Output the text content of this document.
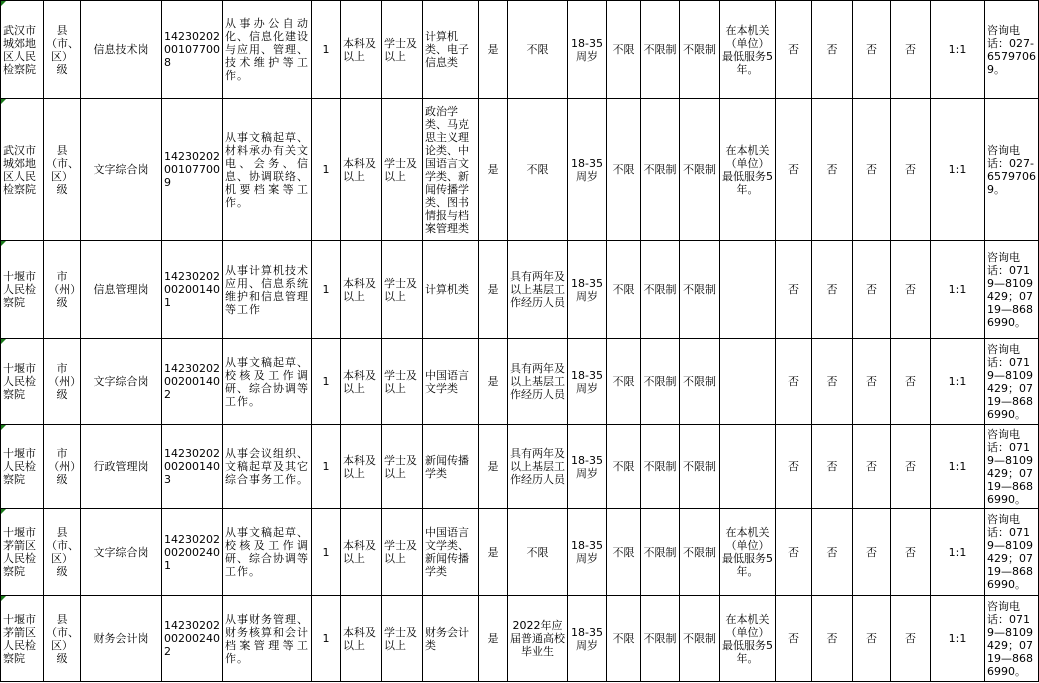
武汉市城郊地区人民检察院	县（市、区）级	信息技术岗	14230202001077008	从事办公自动化、信息化建设与应用、管理、技术维护等工作。	1	本科及以上	学士及以上	计算机类、电子信息类	是	不限	18-35周岁	不限	不限制	不限制	在本机关（单位）最低服务5年。	否	否	否	否	1:1	咨询电话：027-65797069。
武汉市城郊地区人民检察院	县（市、区）级	文字综合岗	14230202001077009	从事文稿起草、材料承办有关文电、会务、信息、协调联络、机要档案等工作。	1	本科及以上	学士及以上	政治学类、马克思主义理论类、中国语言文学类、新闻传播学类、图书情报与档案管理类	是	不限	18-35周岁	不限	不限制	不限制	在本机关（单位）最低服务5年。	否	否	否	否	1:1	咨询电话：027-65797069。
十堰市人民检察院	市（州）级	信息管理岗	14230202002001401	从事计算机技术应用、信息系统维护和信息管理等工作	1	本科及以上	学士及以上	计算机类	是	具有两年及以上基层工作经历人员	18-35周岁	不限	不限制	不限制		否	否	否	否	1:1	咨询电话：0719—8109429；0719—8686990。
十堰市人民检察院	市（州）级	文字综合岗	14230202002001402	从事文稿起草、校核及工作调研、综合协调等工作。	1	本科及以上	学士及以上	中国语言文学类	是	具有两年及以上基层工作经历人员	18-35周岁	不限	不限制	不限制		否	否	否	否	1:1	咨询电话：0719—8109429；0719—8686990。
十堰市人民检察院	市（州）级	行政管理岗	14230202002001403	从事会议组织、文稿起草及其它综合事务工作。	1	本科及以上	学士及以上	新闻传播学类	是	具有两年及以上基层工作经历人员	18-35周岁	不限	不限制	不限制		否	否	否	否	1:1	咨询电话：0719—8109429；0719—8686990。
十堰市茅箭区人民检察院	县（市、区）级	文字综合岗	14230202002002401	从事文稿起草、校核及工作调研、综合协调等工作。	1	本科及以上	学士及以上	中国语言文学类、新闻传播学类	是	不限	18-35周岁	不限	不限制	不限制	在本机关（单位）最低服务5年。	否	否	否	否	1:1	咨询电话：0719—8109429；0719—8686990。
十堰市茅箭区人民检察院	县（市、区）级	财务会计岗	14230202002002402	从事财务管理、财务核算和会计档案管理等工作。	1	本科及以上	学士及以上	财务会计类	是	2022年应届普通高校毕业生	18-35周岁	不限	不限制	不限制	在本机关（单位）最低服务5年。	否	否	否	否	1:1	咨询电话：0719—8109429；0719—8686990。
